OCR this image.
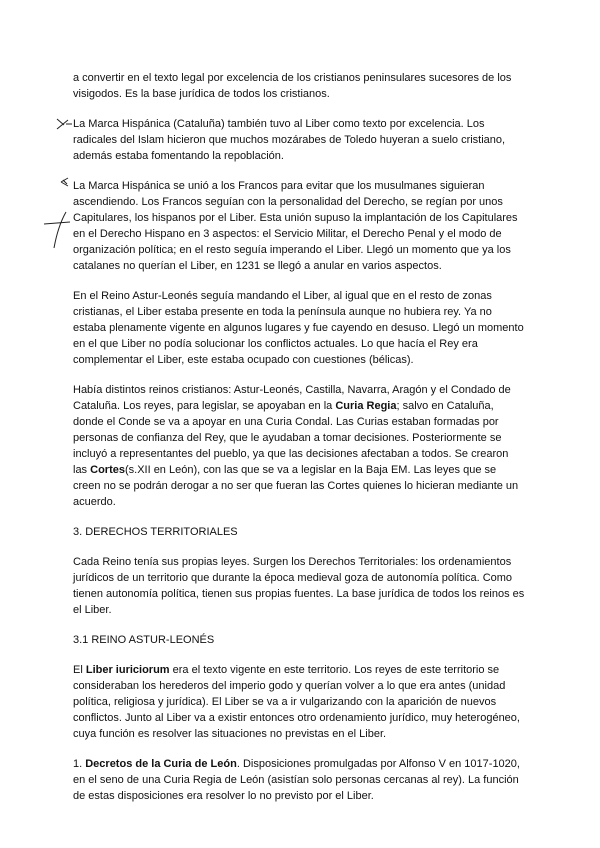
a convertir en el texto legal por excelencia de los cristianos peninsulares sucesores de los
visigodos. Es la base jurídica de todos los cristianos.
La Marca Hispánica (Cataluña) también tuvo al Liber como texto por excelencia. Los
radicales del Islam hicieron que muchos mozárabes de Toledo huyeran a suelo cristiano,
además estaba fomentando la repoblación.
La Marca Hispánica se unió a los Francos para evitar que los musulmanes siguieran
ascendiendo. Los Francos seguían con la personalidad del Derecho, se regían por unos
Capitulares, los hispanos por el Liber. Esta unión supuso la implantación de los Capitulares
en el Derecho Hispano en 3 aspectos: el Servicio Militar, el Derecho Penal y el modo de
organización política; en el resto seguía imperando el Liber. Llegó un momento que ya los
catalanes no querían el Liber, en 1231 se llegó a anular en varios aspectos.
En el Reino Astur-Leonés seguía mandando el Liber, al igual que en el resto de zonas
cristianas, el Liber estaba presente en toda la península aunque no hubiera rey. Ya no
estaba plenamente vigente en algunos lugares y fue cayendo en desuso. Llegó un momento
en el que Liber no podía solucionar los conflictos actuales. Lo que hacía el Rey era
complementar el Liber, este estaba ocupado con cuestiones (bélicas).
Había distintos reinos cristianos: Astur-Leonés, Castilla, Navarra, Aragón y el Condado de
Cataluña. Los reyes, para legislar, se apoyaban en la Curia Regia; salvo en Cataluña,
donde el Conde se va a apoyar en una Curia Condal. Las Curias estaban formadas por
personas de confianza del Rey, que le ayudaban a tomar decisiones. Posteriormente se
incluyó a representantes del pueblo, ya que las decisiones afectaban a todos. Se crearon
las Cortes(s.XII en León), con las que se va a legislar en la Baja EM. Las leyes que se
creen no se podrán derogar a no ser que fueran las Cortes quienes lo hicieran mediante un
acuerdo.
3. DERECHOS TERRITORIALES
Cada Reino tenía sus propias leyes. Surgen los Derechos Territoriales: los ordenamientos
jurídicos de un territorio que durante la época medieval goza de autonomía política. Como
tienen autonomía política, tienen sus propias fuentes. La base jurídica de todos los reinos es
el Liber.
3.1 REINO ASTUR-LEONÉS
El Liber iuriciorum era el texto vigente en este territorio. Los reyes de este territorio se
consideraban los herederos del imperio godo y querían volver a lo que era antes (unidad
política, religiosa y jurídica). El Liber se va a ir vulgarizando con la aparición de nuevos
conflictos. Junto al Liber va a existir entonces otro ordenamiento jurídico, muy heterogéneo,
cuya función es resolver las situaciones no previstas en el Liber.
1. Decretos de la Curia de León. Disposiciones promulgadas por Alfonso V en 1017-1020,
en el seno de una Curia Regia de León (asistían solo personas cercanas al rey). La función
de estas disposiciones era resolver lo no previsto por el Liber.
